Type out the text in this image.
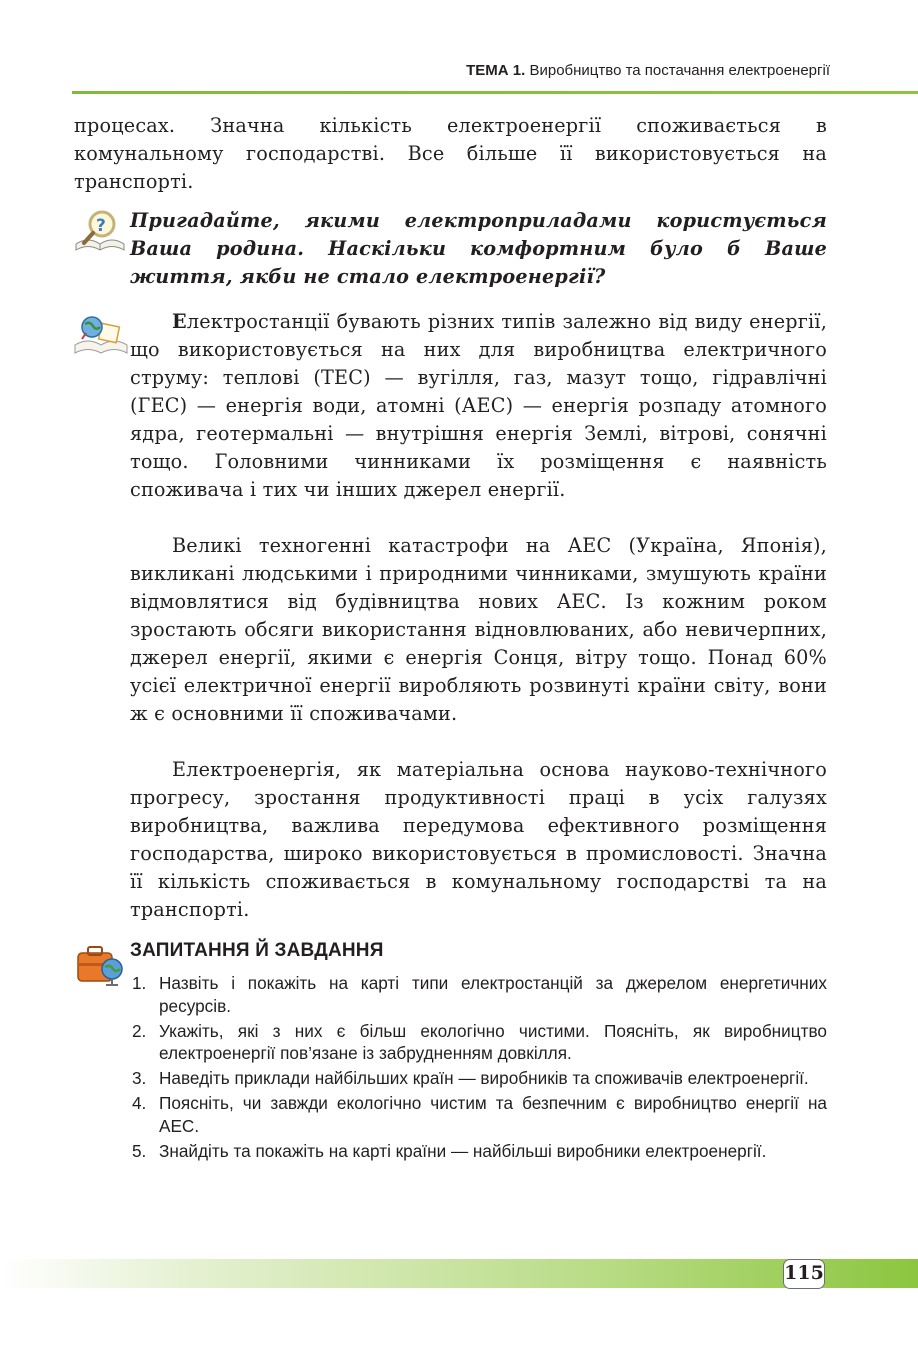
ТЕМА 1. Виробництво та постачання електроенергії

процесах. Значна кількість електроенергії споживається в комунальному господарстві. Все більше її використовується на транспорті.

? Пригадайте, якими електроприладами користується Ваша родина. Наскільки комфортним було б Ваше життя, якби не стало електроенергії?

Електростанції бувають різних типів залежно від виду енергії, що використовується на них для виробництва електричного струму: теплові (ТЕС) — вугілля, газ, мазут тощо, гідравлічні (ГЕС) — енергія води, атомні (АЕС) — енергія розпаду атомного ядра, геотермальні — внутрішня енергія Землі, вітрові, сонячні тощо. Головними чинниками їх розміщення є наявність споживача і тих чи інших джерел енергії.

Великі техногенні катастрофи на АЕС (Україна, Японія), викликані людськими і природними чинниками, змушують країни відмовлятися від будівництва нових АЕС. Із кожним роком зростають обсяги використання відновлюваних, або невичерпних, джерел енергії, якими є енергія Сонця, вітру тощо. Понад 60% усієї електричної енергії виробляють розвинуті країни світу, вони ж є основними її споживачами.

Електроенергія, як матеріальна основа науково-технічного прогресу, зростання продуктивності праці в усіх галузях виробництва, важлива передумова ефективного розміщення господарства, широко використовується в промисловості. Значна її кількість споживається в комунальному господарстві та на транспорті.

ЗАПИТАННЯ Й ЗАВДАННЯ
1. Назвіть і покажіть на карті типи електростанцій за джерелом енергетичних ресурсів.
2. Укажіть, які з них є більш екологічно чистими. Поясніть, як виробництво електроенергії пов’язане із забрудненням довкілля.
3. Наведіть приклади найбільших країн — виробників та споживачів електроенергії.
4. Поясніть, чи завжди екологічно чистим та безпечним є виробництво енергії на АЕС.
5. Знайдіть та покажіть на карті країни — найбільші виробники електроенергії.
115
